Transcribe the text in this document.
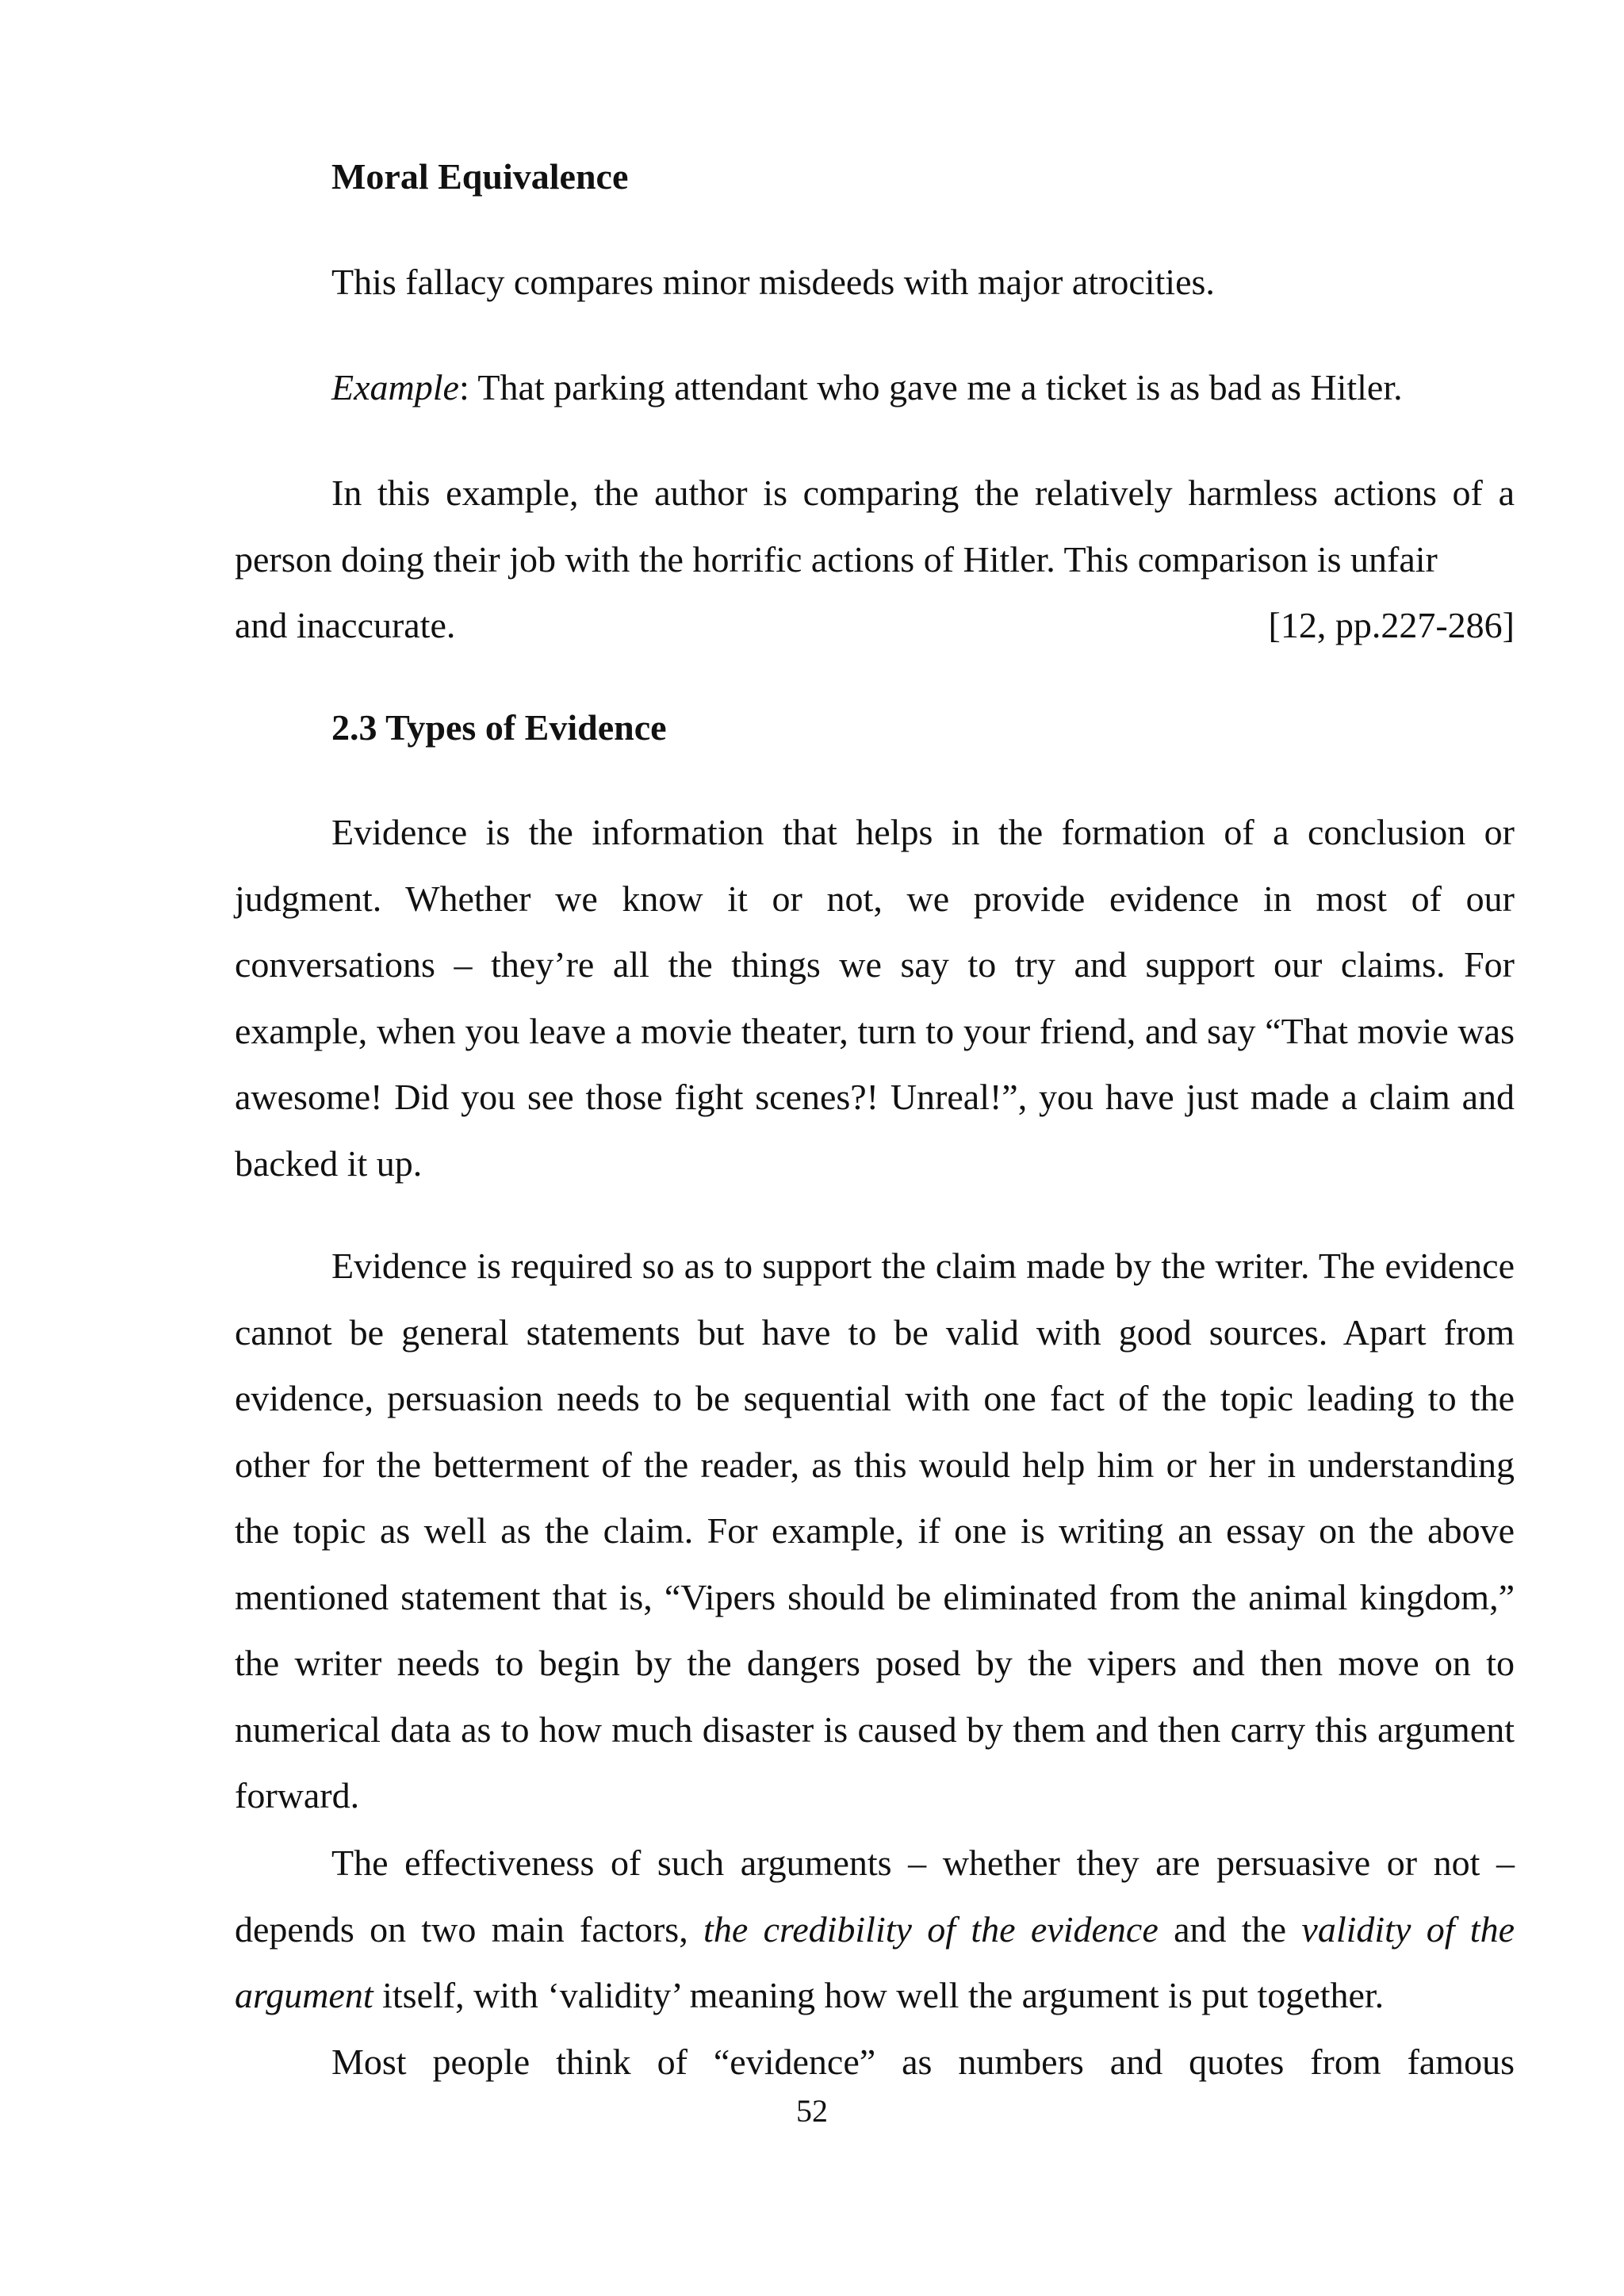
Moral Equivalence

This fallacy compares minor misdeeds with major atrocities.

Example: That parking attendant who gave me a ticket is as bad as Hitler.

In this example, the author is comparing the relatively harmless actions of a person doing their job with the horrific actions of Hitler. This comparison is unfair

and inaccurate.	[12, pp.227-286]

2.3 Types of Evidence

Evidence is the information that helps in the formation of a conclusion or judgment. Whether we know it or not, we provide evidence in most of our conversations – they’re all the things we say to try and support our claims. For example, when you leave a movie theater, turn to your friend, and say “That movie was awesome! Did you see those fight scenes?! Unreal!”, you have just made a claim and backed it up.

Evidence is required so as to support the claim made by the writer. The evidence cannot be general statements but have to be valid with good sources. Apart from evidence, persuasion needs to be sequential with one fact of the topic leading to the other for the betterment of the reader, as this would help him or her in understanding the topic as well as the claim. For example, if one is writing an essay on the above mentioned statement that is, “Vipers should be eliminated from the animal kingdom,” the writer needs to begin by the dangers posed by the vipers and then move on to numerical data as to how much disaster is caused by them and then carry this argument forward.

The effectiveness of such arguments – whether they are persuasive or not – depends on two main factors, the credibility of the evidence and the validity of the argument itself, with ‘validity’ meaning how well the argument is put together.

Most people think of “evidence” as numbers and quotes from famous

52
